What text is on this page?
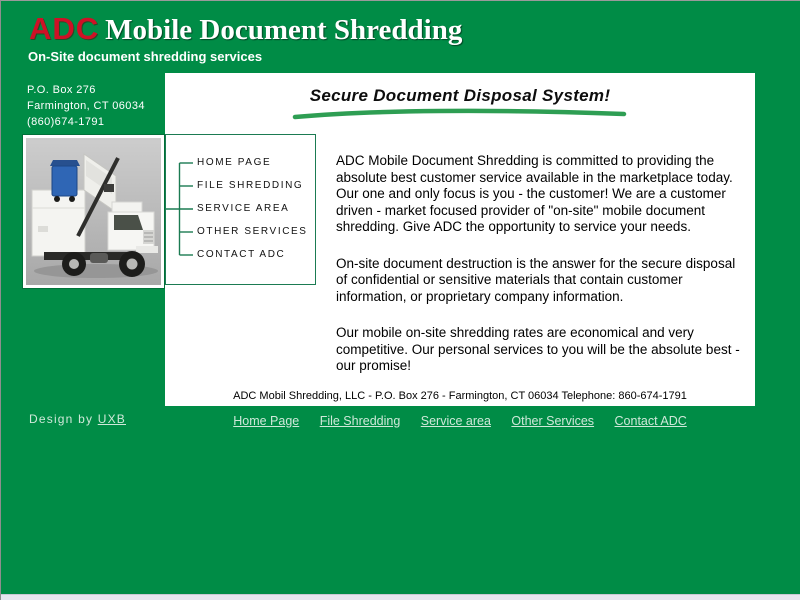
ADC Mobile Document Shredding
On-Site document shredding services
P.O. Box 276
Farmington, CT 06034
(860)674-1791
Secure Document Disposal System!
HOME PAGE
FILE SHREDDING
SERVICE AREA
OTHER SERVICES
CONTACT ADC

ADC Mobile Document Shredding is committed to providing the absolute best customer service available in the marketplace today. Our one and only focus is you - the customer! We are a customer driven - market focused provider of "on-site" mobile document shredding. Give ADC the opportunity to service your needs.

On-site document destruction is the answer for the secure disposal of confidential or sensitive materials that contain customer information, or proprietary company information.

Our mobile on-site shredding rates are economical and very competitive. Our personal services to you will be the absolute best - our promise!

ADC Mobil Shredding, LLC - P.O. Box 276 - Farmington, CT 06034 Telephone: 860-674-1791
Design by UXB	Home Page File Shredding Service area Other Services Contact ADC
